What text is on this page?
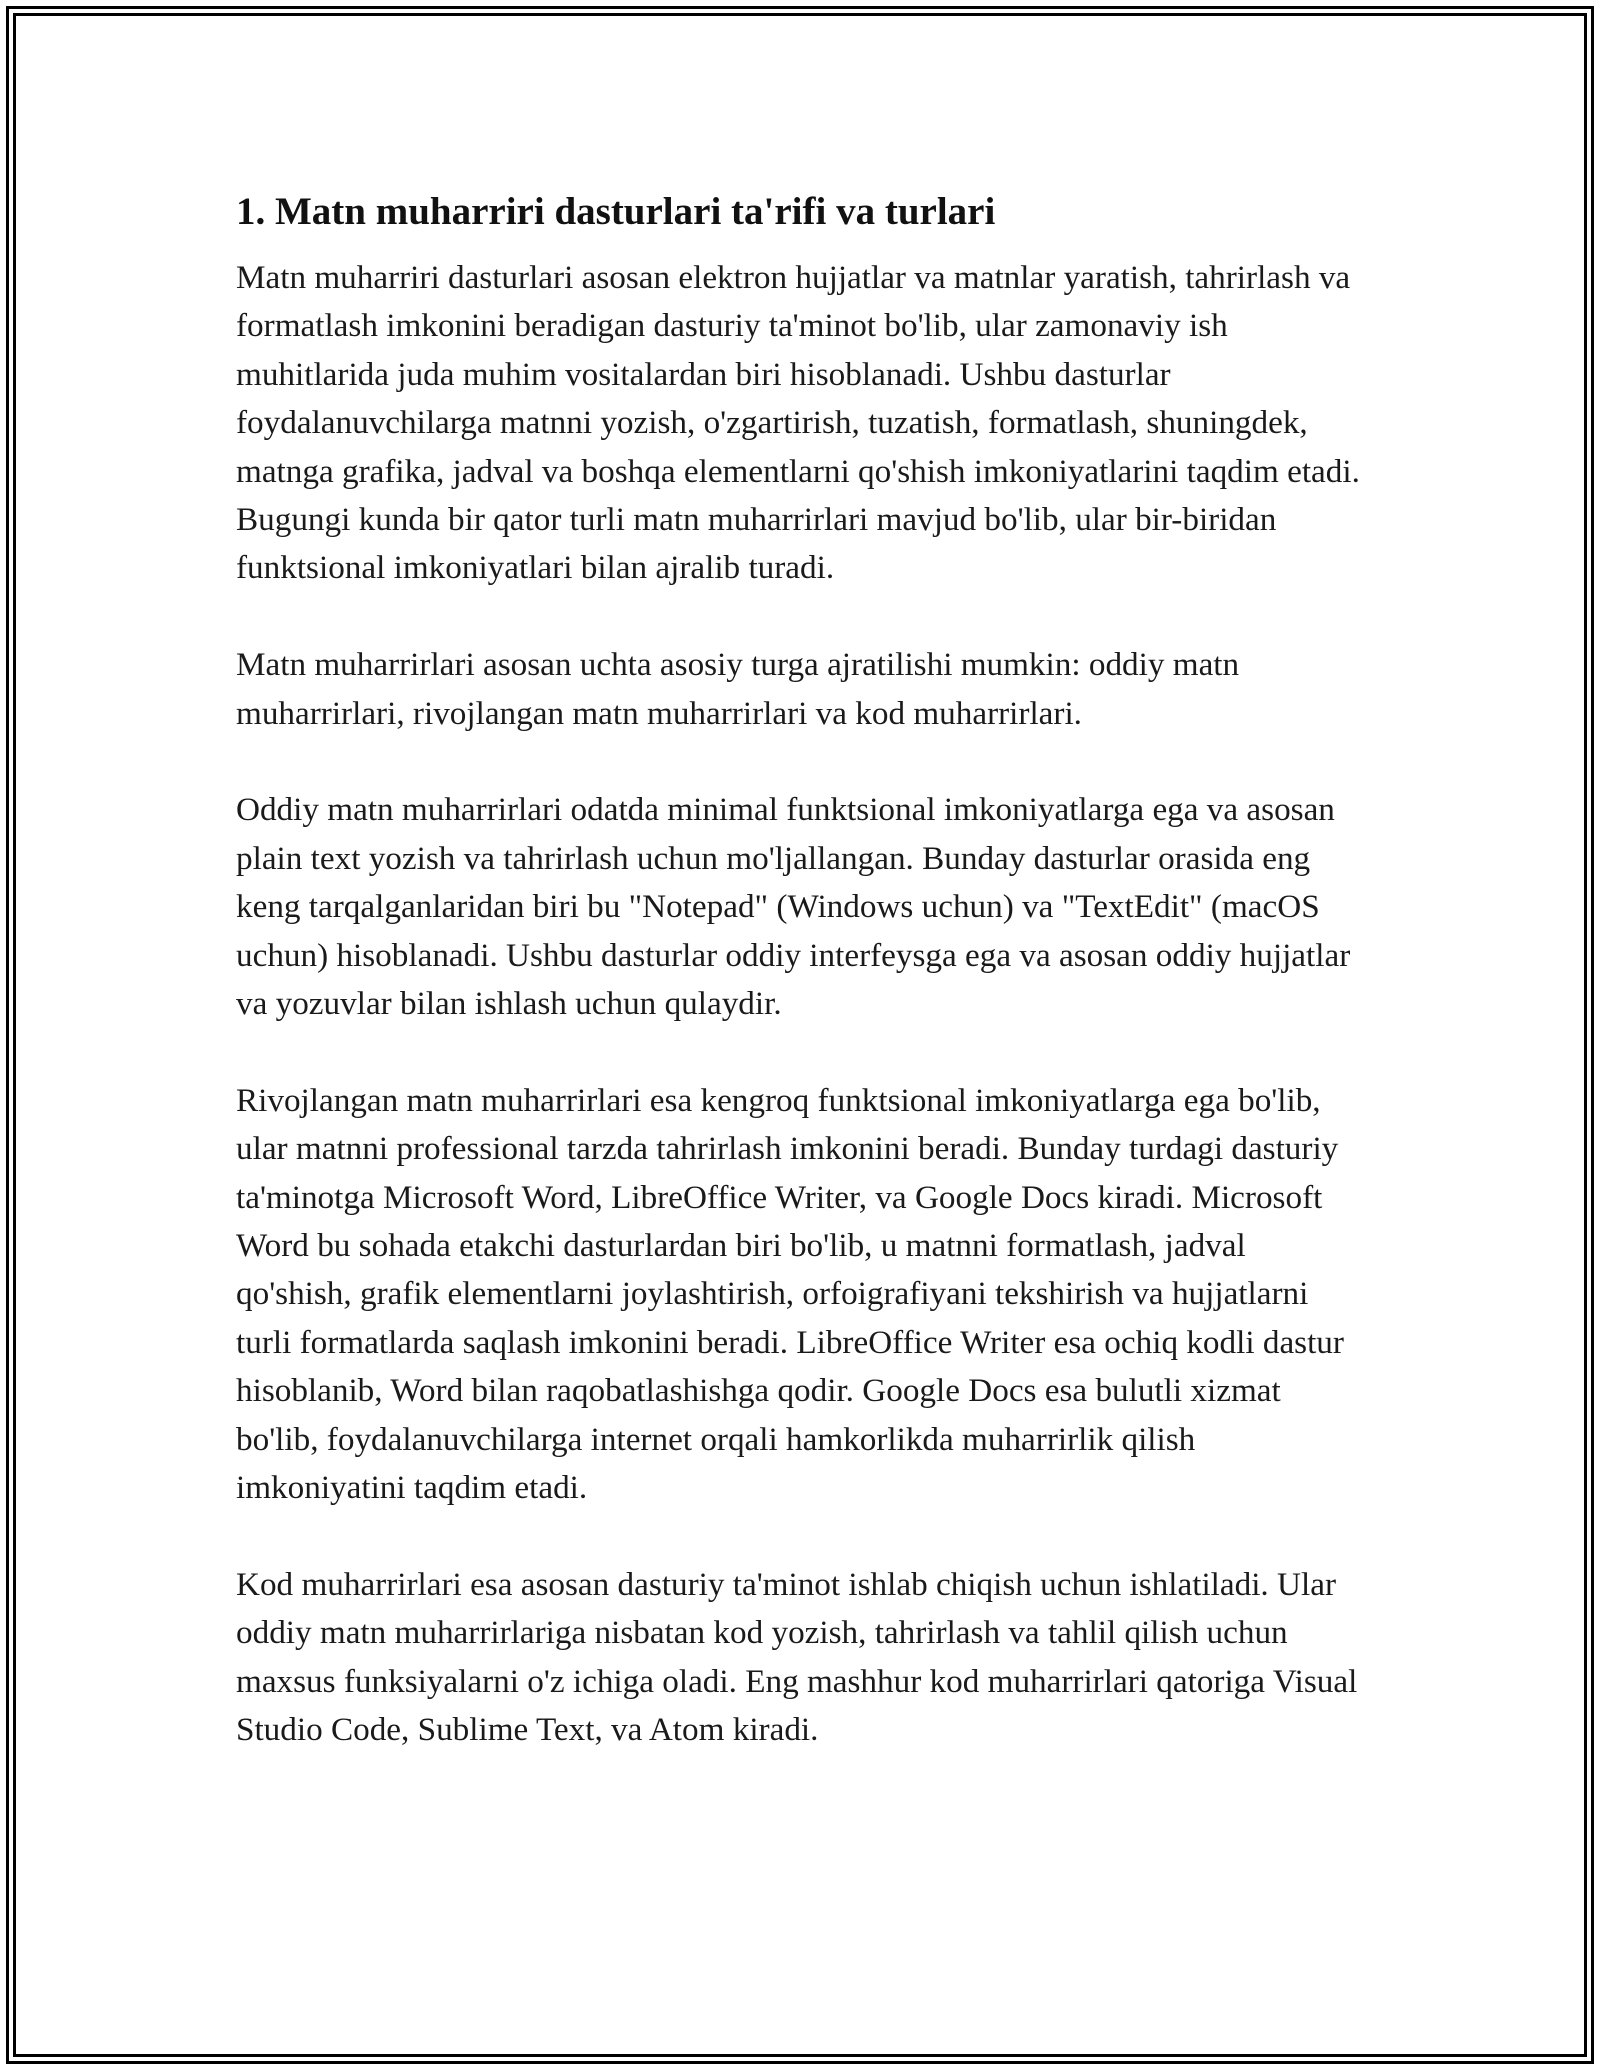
1. Matn muharriri dasturlari ta'rifi va turlari

Matn muharriri dasturlari asosan elektron hujjatlar va matnlar yaratish, tahrirlash va formatlash imkonini beradigan dasturiy ta'minot bo'lib, ular zamonaviy ish muhitlarida juda muhim vositalardan biri hisoblanadi. Ushbu dasturlar foydalanuvchilarga matnni yozish, o'zgartirish, tuzatish, formatlash, shuningdek, matnga grafika, jadval va boshqa elementlarni qo'shish imkoniyatlarini taqdim etadi. Bugungi kunda bir qator turli matn muharrirlari mavjud bo'lib, ular bir-biridan funktsional imkoniyatlari bilan ajralib turadi.

Matn muharrirlari asosan uchta asosiy turga ajratilishi mumkin: oddiy matn muharrirlari, rivojlangan matn muharrirlari va kod muharrirlari.

Oddiy matn muharrirlari odatda minimal funktsional imkoniyatlarga ega va asosan plain text yozish va tahrirlash uchun mo'ljallangan. Bunday dasturlar orasida eng keng tarqalganlaridan biri bu "Notepad" (Windows uchun) va "TextEdit" (macOS uchun) hisoblanadi. Ushbu dasturlar oddiy interfeysga ega va asosan oddiy hujjatlar va yozuvlar bilan ishlash uchun qulaydir.

Rivojlangan matn muharrirlari esa kengroq funktsional imkoniyatlarga ega bo'lib, ular matnni professional tarzda tahrirlash imkonini beradi. Bunday turdagi dasturiy ta'minotga Microsoft Word, LibreOffice Writer, va Google Docs kiradi. Microsoft Word bu sohada etakchi dasturlardan biri bo'lib, u matnni formatlash, jadval qo'shish, grafik elementlarni joylashtirish, orfoigrafiyani tekshirish va hujjatlarni turli formatlarda saqlash imkonini beradi. LibreOffice Writer esa ochiq kodli dastur hisoblanib, Word bilan raqobatlashishga qodir. Google Docs esa bulutli xizmat bo'lib, foydalanuvchilarga internet orqali hamkorlikda muharrirlik qilish imkoniyatini taqdim etadi.

Kod muharrirlari esa asosan dasturiy ta'minot ishlab chiqish uchun ishlatiladi. Ular oddiy matn muharrirlariga nisbatan kod yozish, tahrirlash va tahlil qilish uchun maxsus funksiyalarni o'z ichiga oladi. Eng mashhur kod muharrirlari qatoriga Visual Studio Code, Sublime Text, va Atom kiradi.
